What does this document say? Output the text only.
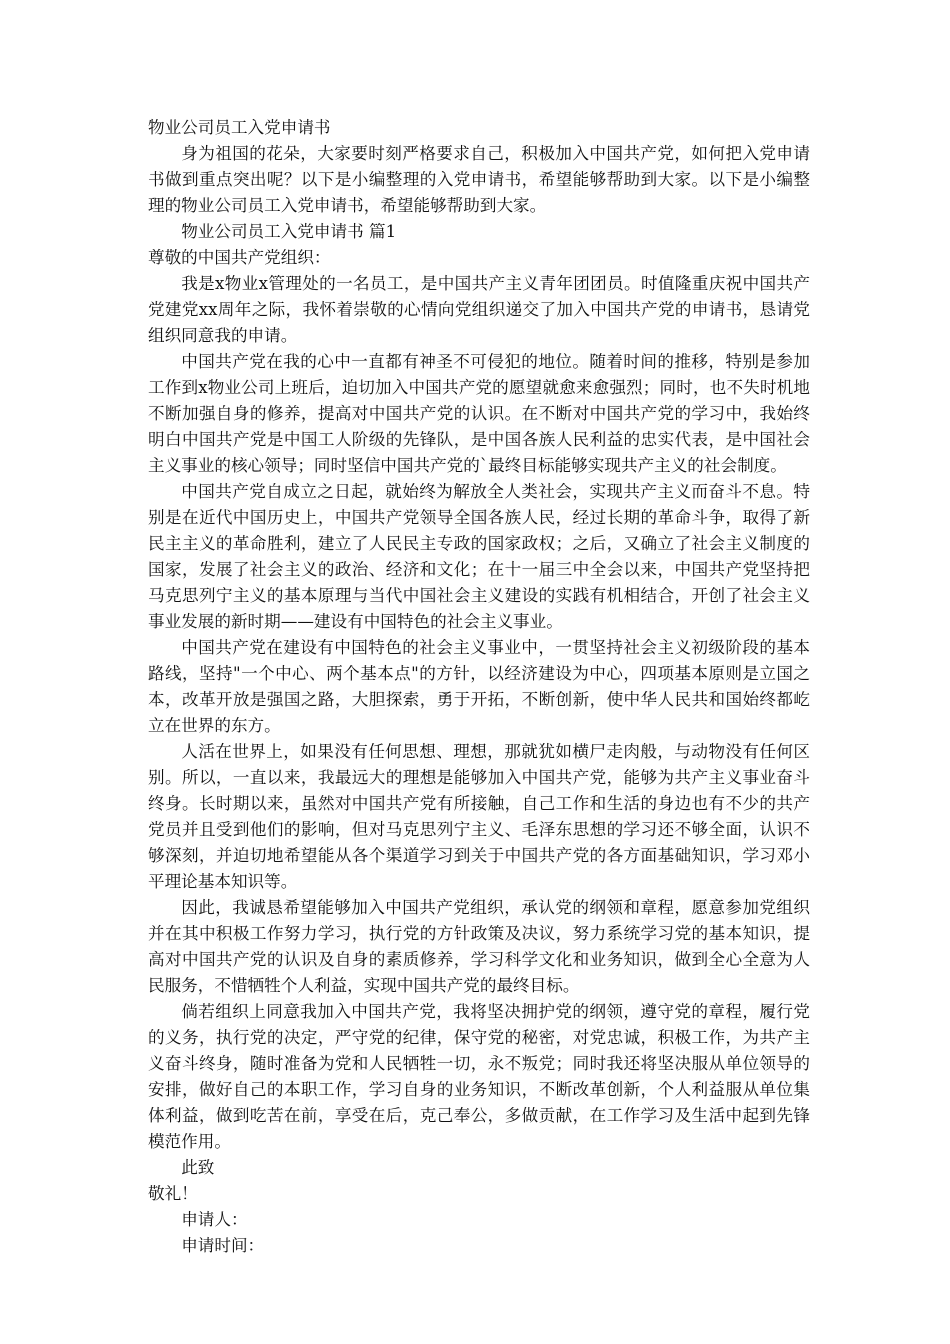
物业公司员工入党申请书

身为祖国的花朵，大家要时刻严格要求自己，积极加入中国共产党，如何把入党申请书做到重点突出呢？以下是小编整理的入党申请书，希望能够帮助到大家。以下是小编整理的物业公司员工入党申请书，希望能够帮助到大家。

物业公司员工入党申请书 篇1

尊敬的中国共产党组织：

我是x物业x管理处的一名员工，是中国共产主义青年团团员。时值隆重庆祝中国共产党建党xx周年之际，我怀着崇敬的心情向党组织递交了加入中国共产党的申请书，恳请党组织同意我的申请。

中国共产党在我的心中一直都有神圣不可侵犯的地位。随着时间的推移，特别是参加工作到x物业公司上班后，迫切加入中国共产党的愿望就愈来愈强烈；同时，也不失时机地不断加强自身的修养，提高对中国共产党的认识。在不断对中国共产党的学习中，我始终明白中国共产党是中国工人阶级的先锋队，是中国各族人民利益的忠实代表，是中国社会主义事业的核心领导；同时坚信中国共产党的`最终目标能够实现共产主义的社会制度。

中国共产党自成立之日起，就始终为解放全人类社会，实现共产主义而奋斗不息。特别是在近代中国历史上，中国共产党领导全国各族人民，经过长期的革命斗争，取得了新民主主义的革命胜利，建立了人民民主专政的国家政权；之后，又确立了社会主义制度的国家，发展了社会主义的政治、经济和文化；在十一届三中全会以来，中国共产党坚持把马克思列宁主义的基本原理与当代中国社会主义建设的实践有机相结合，开创了社会主义事业发展的新时期——建设有中国特色的社会主义事业。

中国共产党在建设有中国特色的社会主义事业中，一贯坚持社会主义初级阶段的基本路线，坚持"一个中心、两个基本点"的方针，以经济建设为中心，四项基本原则是立国之本，改革开放是强国之路，大胆探索，勇于开拓，不断创新，使中华人民共和国始终都屹立在世界的东方。

人活在世界上，如果没有任何思想、理想，那就犹如横尸走肉般，与动物没有任何区别。所以，一直以来，我最远大的理想是能够加入中国共产党，能够为共产主义事业奋斗终身。长时期以来，虽然对中国共产党有所接触，自己工作和生活的身边也有不少的共产党员并且受到他们的影响，但对马克思列宁主义、毛泽东思想的学习还不够全面，认识不够深刻，并迫切地希望能从各个渠道学习到关于中国共产党的各方面基础知识，学习邓小平理论基本知识等。

因此，我诚恳希望能够加入中国共产党组织，承认党的纲领和章程，愿意参加党组织并在其中积极工作努力学习，执行党的方针政策及决议，努力系统学习党的基本知识，提高对中国共产党的认识及自身的素质修养，学习科学文化和业务知识，做到全心全意为人民服务，不惜牺牲个人利益，实现中国共产党的最终目标。

倘若组织上同意我加入中国共产党，我将坚决拥护党的纲领，遵守党的章程，履行党的义务，执行党的决定，严守党的纪律，保守党的秘密，对党忠诚，积极工作，为共产主义奋斗终身，随时准备为党和人民牺牲一切，永不叛党；同时我还将坚决服从单位领导的安排，做好自己的本职工作，学习自身的业务知识，不断改革创新，个人利益服从单位集体利益，做到吃苦在前，享受在后，克己奉公，多做贡献，在工作学习及生活中起到先锋模范作用。

此致

敬礼！

申请人：

申请时间：
